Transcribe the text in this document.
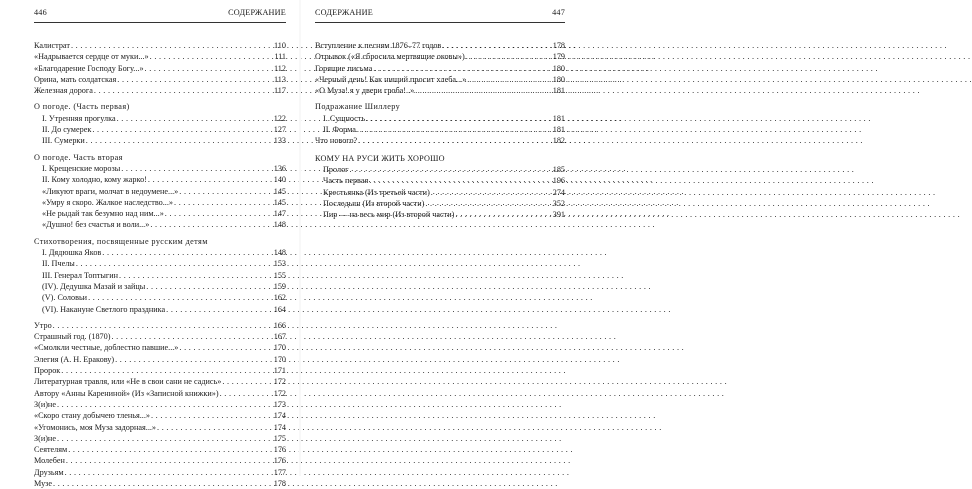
446	СОДЕРЖАНИЕ
Калистрат . . .	110
«Надрывается сердце от муки...» . . .	111
«Благодарение Господу Богу...» . . .	112
Орина, мать солдатская . . .	113
Железная дорога . . .	117
О погоде. (Часть первая)
I. Утренняя прогулка . . .	122
II. До сумерек . . .	127
III. Сумерки . . .	133
О погоде. Часть вторая
I. Крещенские морозы . . .	136
II. Кому холодно, кому жарко! . . .	140
«Ликуют враги, молчат в недоумене...» . . .	145
«Умру я скоро. Жалкое наследство...» . . .	145
«Не рыдай так безумно над ним...» . . .	147
«Душно! без счастья и воли...» . . .	148
Стихотворения, посвященные русским детям
I. Дядюшка Яков . . .	148
II. Пчелы . . .	153
III. Генерал Топтыгин . . .	155
(IV). Дедушка Мазай и зайцы . . .	159
(V). Соловьи . . .	162
(VI). Накануне Светлого праздника . . .	164
Утро . . .	166
Страшный год. (1870) . . .	167
«Смолкли честные, доблестно павшие...» . . .	170
Элегия (А. Н. Еракову) . . .	170
Пророк . . .	171
Литературная травля, или «Не в свои сани не садись» . . .	172
Автору «Анны Карениной» (Из «Записной книжки») . . .	172
З(и)не . . .	173
«Скоро стану добычею тленья...» . . .	174
«Угомонись, моя Муза задорная...» . . .	174
З(и)не . . .	175
Сеятелям . . .	176
Молебен . . .	176
Друзьям . . .	177
Музе . . .	178
СОДЕРЖАНИЕ	447
Вступление к песням 1876–77 годов . . .	178
Отрывок («Я сбросила мертвящие оковы») . . .	179
Горящие письма . . .	180
«Черный день! Как нищий просит хлеба...» . . .	180
«О Муза! я у двери гроба!..» . . .	181
Подражание Шиллеру
I. Сущность . . .	181
II. Форма . . .	181
Что нового? . . .	182
КОМУ НА РУСИ ЖИТЬ ХОРОШО
Пролог . . .	185
Часть первая . . .	196
Крестьянка (Из третьей части) . . .	274
Последыш (Из второй части) . . .	352
Пир — на весь мир (Из второй части) . . .	391
